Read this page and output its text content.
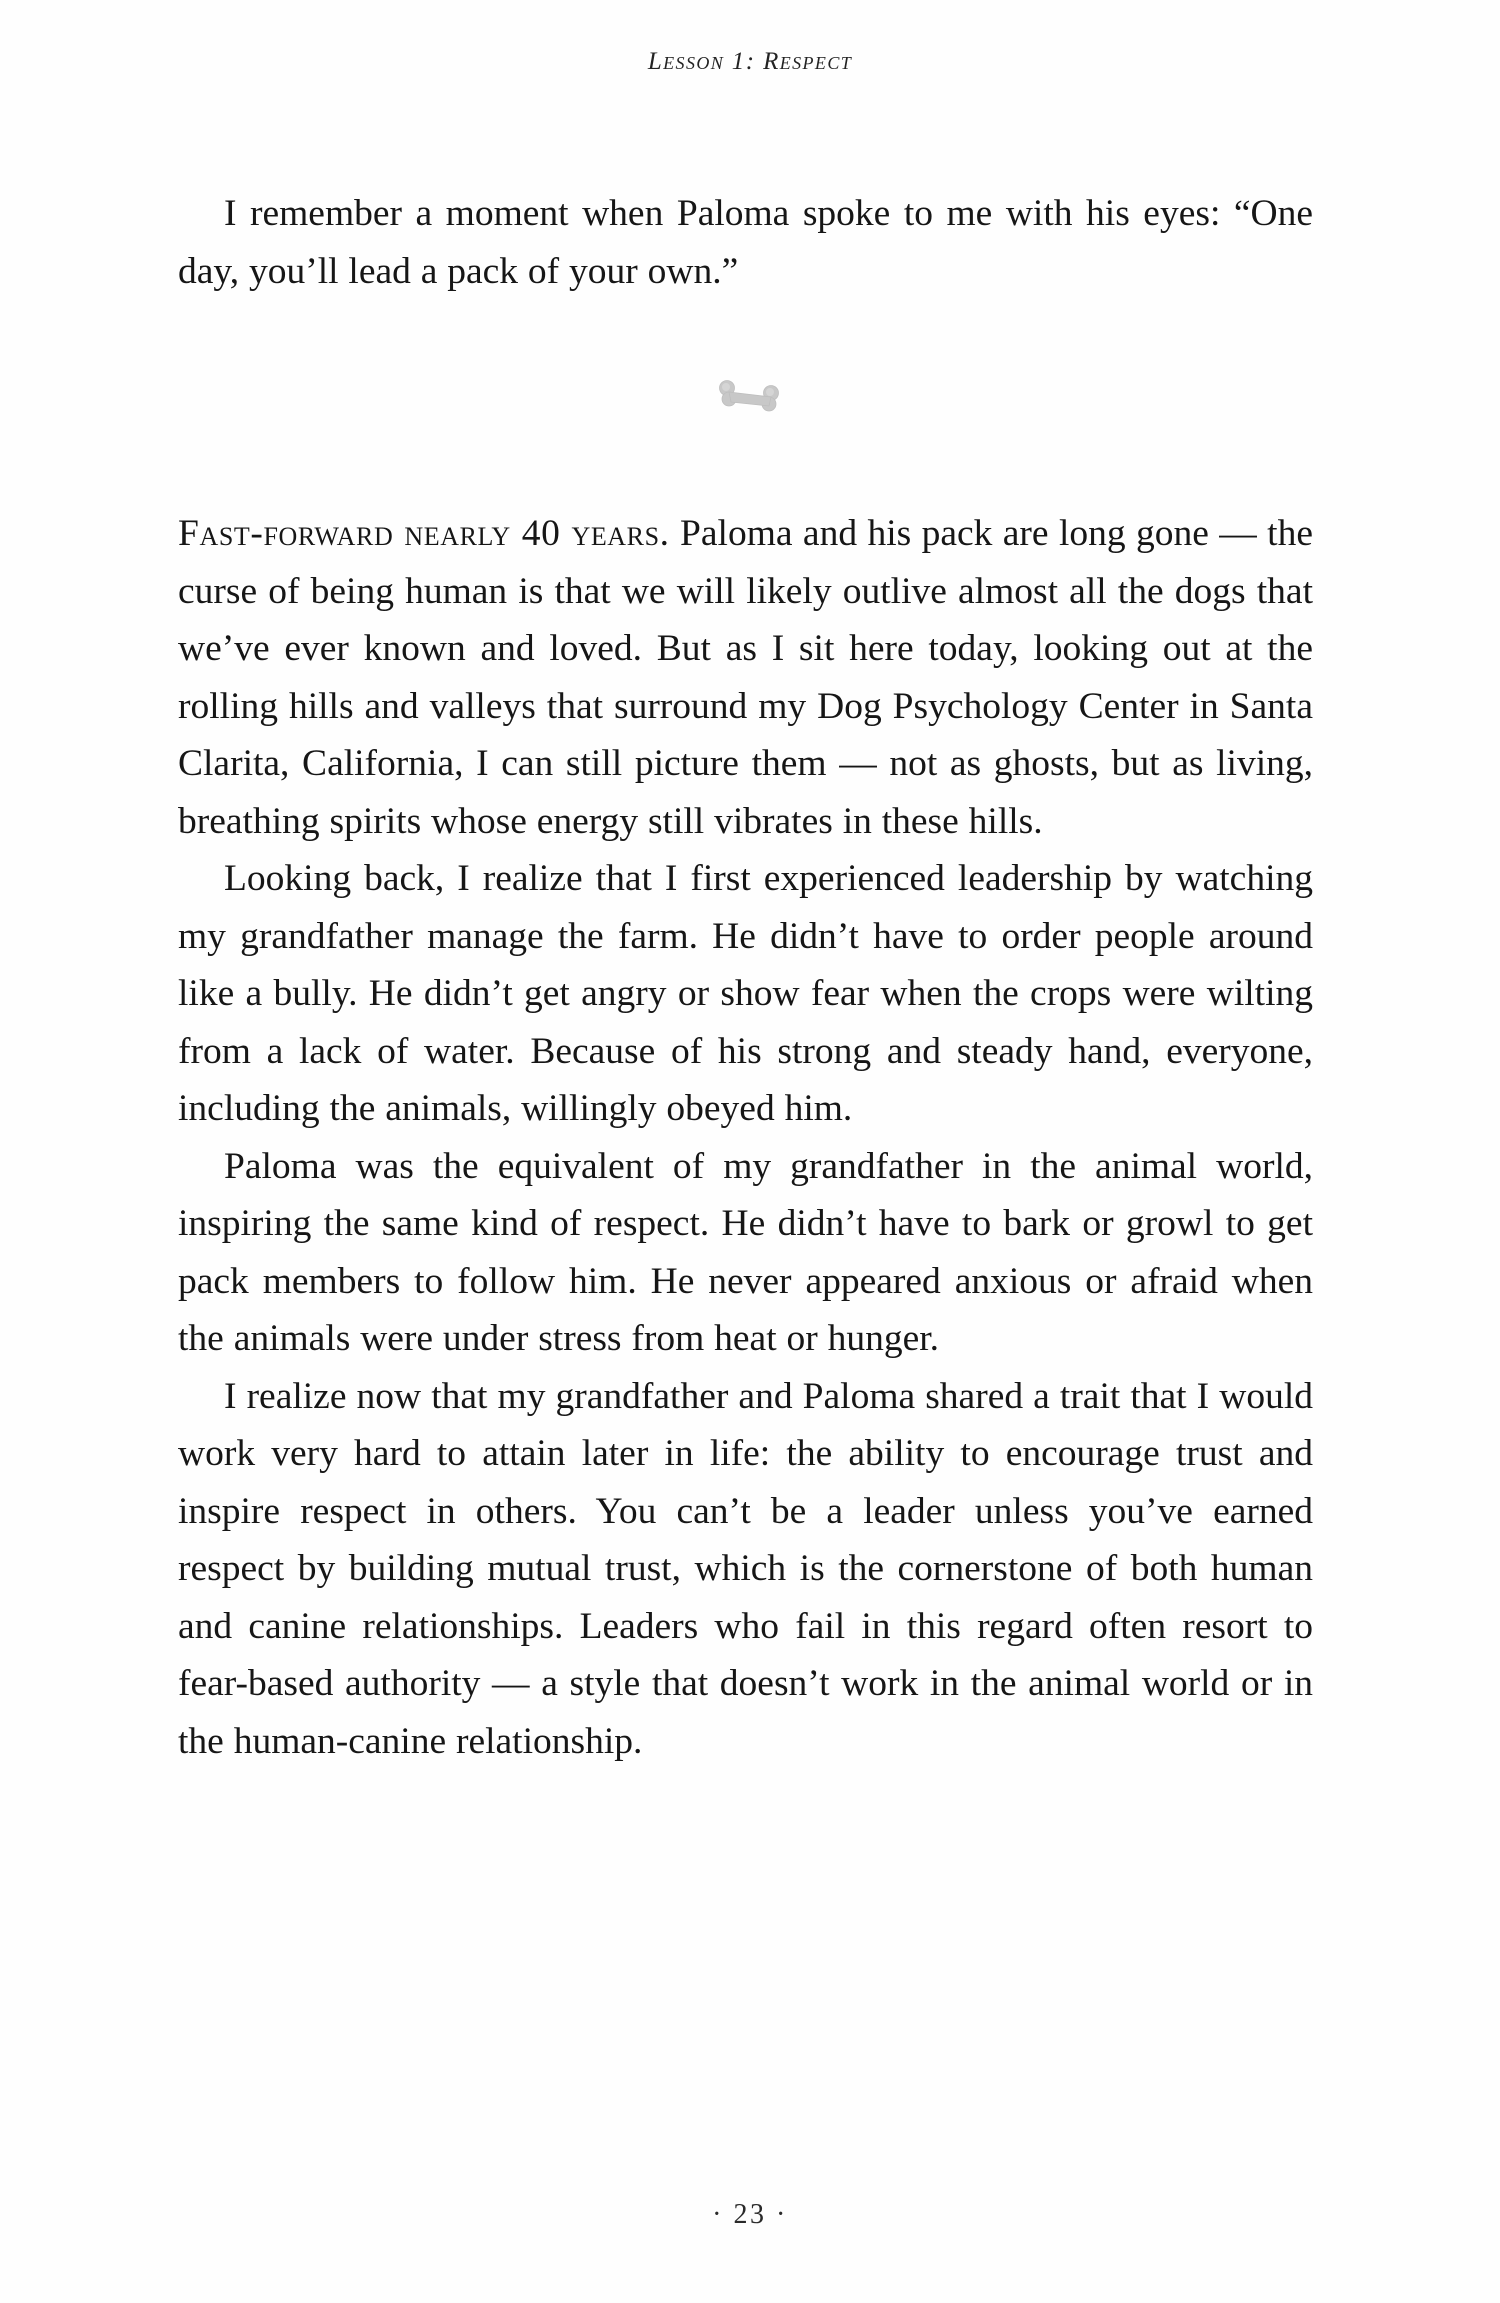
Lesson 1: Respect

I remember a moment when Paloma spoke to me with his eyes: “One day, you’ll lead a pack of your own.”

Fast-forward nearly 40 years. Paloma and his pack are long gone — the curse of being human is that we will likely outlive almost all the dogs that we’ve ever known and loved. But as I sit here today, looking out at the rolling hills and valleys that surround my Dog Psychology Center in Santa Clarita, California, I can still picture them — not as ghosts, but as living, breathing spirits whose energy still vibrates in these hills.

Looking back, I realize that I first experienced leadership by watching my grandfather manage the farm. He didn’t have to order people around like a bully. He didn’t get angry or show fear when the crops were wilting from a lack of water. Because of his strong and steady hand, everyone, including the animals, willingly obeyed him.

Paloma was the equivalent of my grandfather in the animal world, inspiring the same kind of respect. He didn’t have to bark or growl to get pack members to follow him. He never appeared anxious or afraid when the animals were under stress from heat or hunger.

I realize now that my grandfather and Paloma shared a trait that I would work very hard to attain later in life: the ability to encourage trust and inspire respect in others. You can’t be a leader unless you’ve earned respect by building mutual trust, which is the cornerstone of both human and canine relationships. Leaders who fail in this regard often resort to fear-based authority — a style that doesn’t work in the animal world or in the human-canine relationship.

· 23 ·
